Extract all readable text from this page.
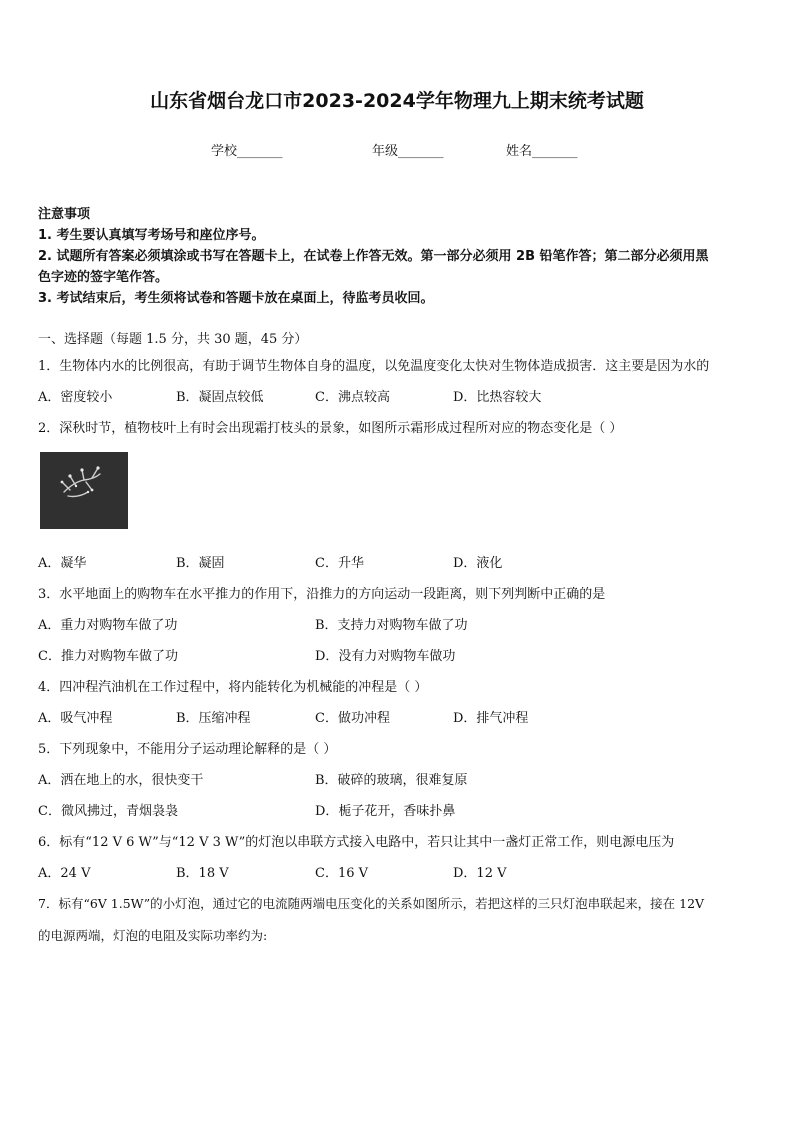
山东省烟台龙口市2023-2024学年物理九上期末统考试题
学校_______	年级_______	姓名_______
注意事项
1. 考生要认真填写考场号和座位序号。
2. 试题所有答案必须填涂或书写在答题卡上，在试卷上作答无效。第一部分必须用 2B 铅笔作答；第二部分必须用黑
色字迹的签字笔作答。
3. 考试结束后，考生须将试卷和答题卡放在桌面上，待监考员收回。
一、选择题（每题 1.5 分，共 30 题，45 分）
1．生物体内水的比例很高，有助于调节生物体自身的温度，以免温度变化太快对生物体造成损害．这主要是因为水的
A．密度较小	B．凝固点较低	C．沸点较高	D．比热容较大
2．深秋时节，植物枝叶上有时会出现霜打枝头的景象，如图所示霜形成过程所对应的物态变化是（ ）
A．凝华	B．凝固	C．升华	D．液化
3．水平地面上的购物车在水平推力的作用下，沿推力的方向运动一段距离，则下列判断中正确的是
A．重力对购物车做了功	B．支持力对购物车做了功
C．推力对购物车做了功	D．没有力对购物车做功
4．四冲程汽油机在工作过程中，将内能转化为机械能的冲程是（ ）
A．吸气冲程	B．压缩冲程	C．做功冲程	D．排气冲程
5．下列现象中，不能用分子运动理论解释的是（ ）
A．洒在地上的水，很快变干	B．破碎的玻璃，很难复原
C．微风拂过，青烟袅袅	D．栀子花开，香味扑鼻
6．标有“12 V 6 W”与“12 V 3 W”的灯泡以串联方式接入电路中，若只让其中一盏灯正常工作，则电源电压为
A．24 V	B．18 V	C．16 V	D．12 V
7．标有“6V 1.5W”的小灯泡，通过它的电流随两端电压变化的关系如图所示，若把这样的三只灯泡串联起来，接在 12V
的电源两端，灯泡的电阻及实际功率约为:
